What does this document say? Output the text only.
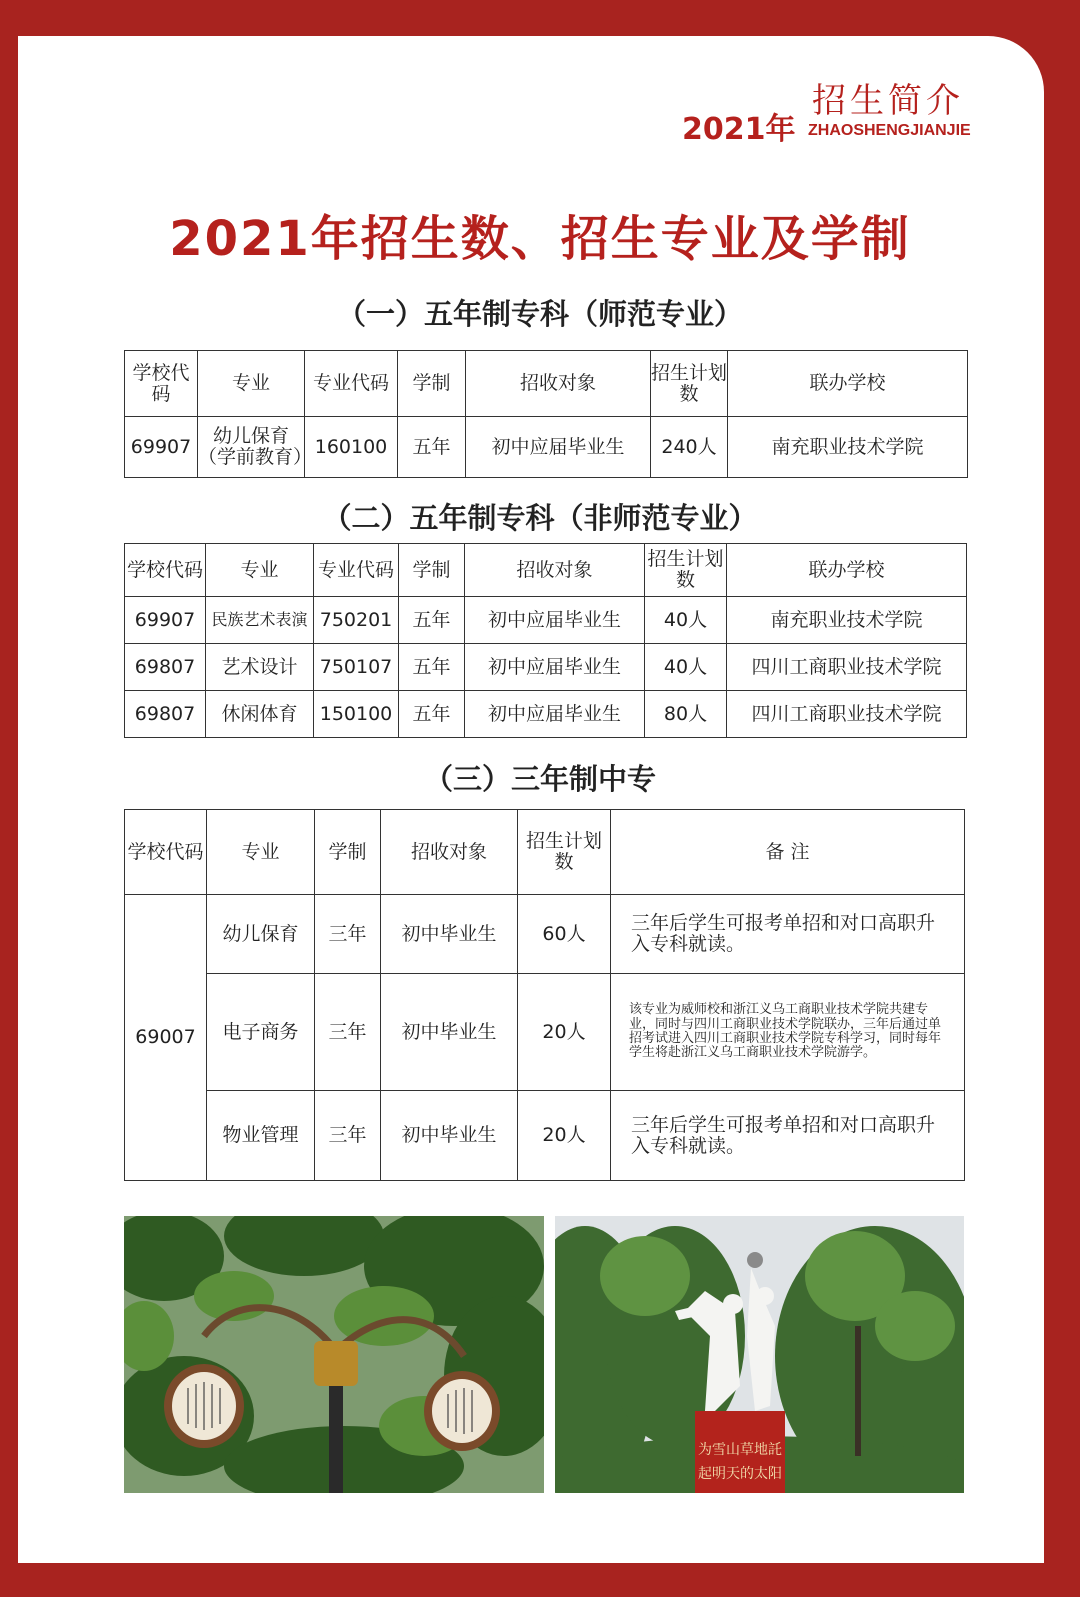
招生简介
2021年 ZHAOSHENGJIANJIE
2021年招生数、招生专业及学制
（一）五年制专科（师范专业）
学校代码	专业	专业代码	学制	招收对象	招生计划数	联办学校
69907	幼儿保育（学前教育）	160100	五年	初中应届毕业生	240人	南充职业技术学院
（二）五年制专科（非师范专业）
学校代码	专业	专业代码	学制	招收对象	招生计划数	联办学校
69907	民族艺术表演	750201	五年	初中应届毕业生	40人	南充职业技术学院
69807	艺术设计	750107	五年	初中应届毕业生	40人	四川工商职业技术学院
69807	休闲体育	150100	五年	初中应届毕业生	80人	四川工商职业技术学院
（三）三年制中专
学校代码	专业	学制	招收对象	招生计划数	备 注
69007	幼儿保育	三年	初中毕业生	60人	三年后学生可报考单招和对口高职升入专科就读。
	电子商务	三年	初中毕业生	20人	该专业为威师校和浙江义乌工商职业技术学院共建专业，同时与四川工商职业技术学院联办，三年后通过单招考试进入四川工商职业技术学院专科学习，同时每年学生将赴浙江义乌工商职业技术学院游学。
	物业管理	三年	初中毕业生	20人	三年后学生可报考单招和对口高职升入专科就读。
为雪山草地託
起明天的太阳
四川省威州民族师范学校
